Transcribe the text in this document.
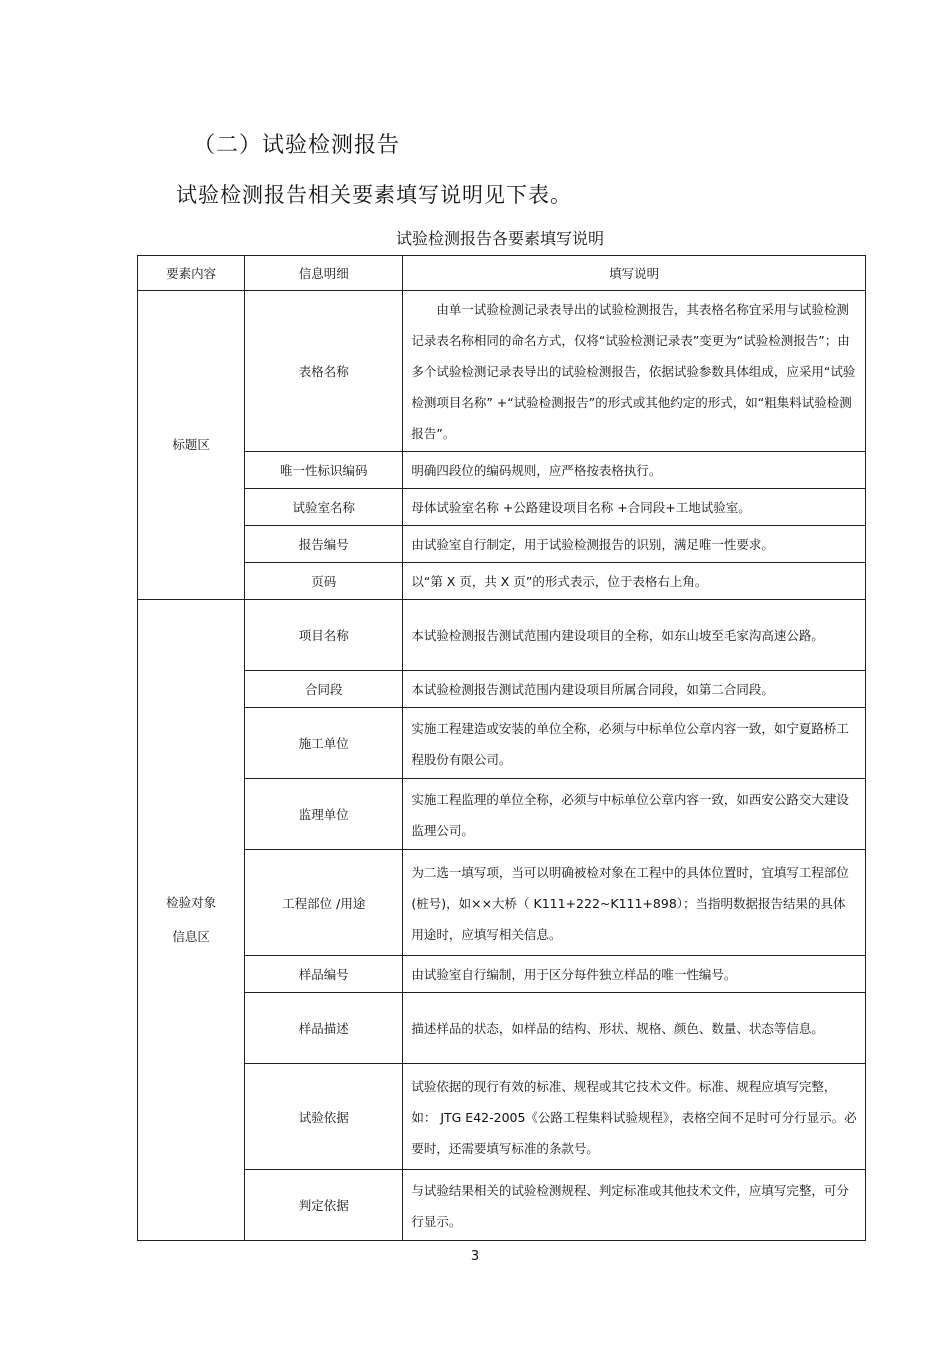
（二）试验检测报告
试验检测报告相关要素填写说明见下表。
试验检测报告各要素填写说明
要素内容	信息明细	填写说明

标题区	表格名称	　　由单一试验检测记录表导出的试验检测报告，其表格名称宜采用与试验检测记录表名称相同的命名方式，仅将“试验检测记录表”变更为“试验检测报告”；由多个试验检测记录表导出的试验检测报告，依据试验参数具体组成，应采用“试验检测项目名称” +“试验检测报告”的形式或其他约定的形式，如“粗集料试验检测报告”。
	唯一性标识编码	明确四段位的编码规则，应严格按表格执行。
	试验室名称	母体试验室名称 +公路建设项目名称 +合同段+工地试验室。
	报告编号	由试验室自行制定，用于试验检测报告的识别，满足唯一性要求。
	页码	以“第 X 页，共 X 页”的形式表示，位于表格右上角。

检验对象
信息区	项目名称	本试验检测报告测试范围内建设项目的全称，如东山坡至毛家沟高速公路。
	合同段	本试验检测报告测试范围内建设项目所属合同段，如第二合同段。
	施工单位	实施工程建造或安装的单位全称，必须与中标单位公章内容一致，如宁夏路桥工程股份有限公司。
	监理单位	实施工程监理的单位全称，必须与中标单位公章内容一致，如西安公路交大建设监理公司。
	工程部位 /用途	为二选一填写项，当可以明确被检对象在工程中的具体位置时，宜填写工程部位 (桩号)，如××大桥（ K111+222~K111+898）；当指明数据报告结果的具体用途时，应填写相关信息。
	样品编号	由试验室自行编制，用于区分每件独立样品的唯一性编号。
	样品描述	描述样品的状态，如样品的结构、形状、规格、颜色、数量、状态等信息。
	试验依据	试验依据的现行有效的标准、规程或其它技术文件。标准、规程应填写完整，如： JTG E42-2005《公路工程集料试验规程》，表格空间不足时可分行显示。必要时，还需要填写标准的条款号。
	判定依据	与试验结果相关的试验检测规程、判定标准或其他技术文件，应填写完整，可分行显示。
3
